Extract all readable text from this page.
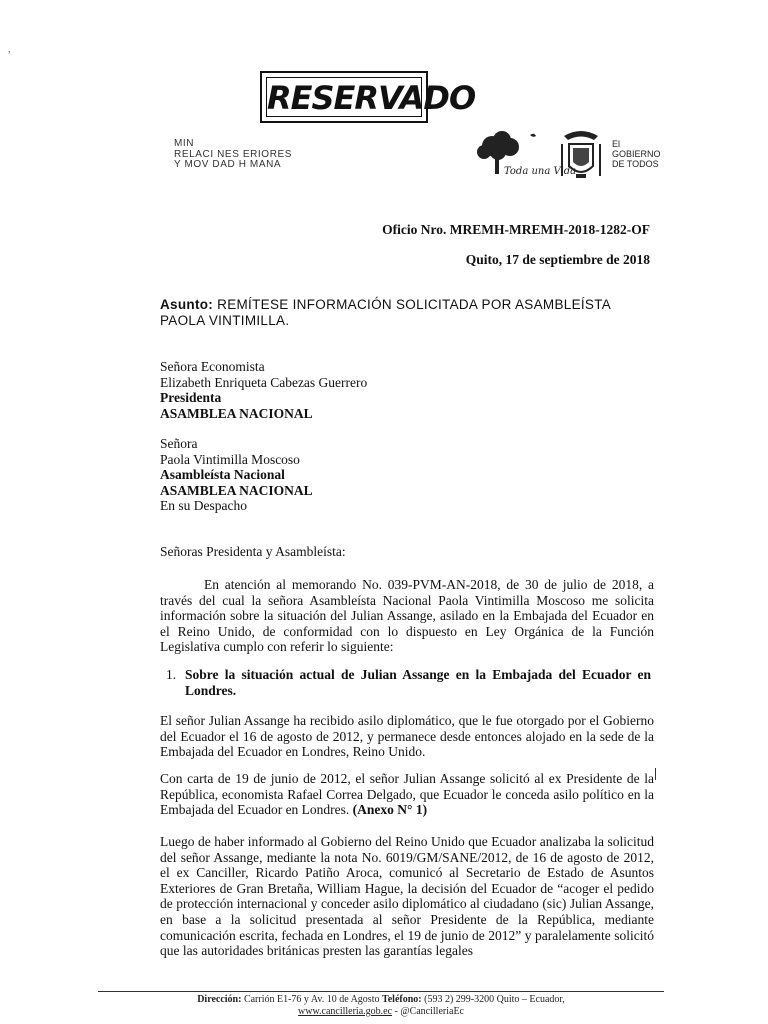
,
RESERVADO
MIN
RELACI NES ERIORES
Y MOV DAD H MANA
Toda una Vida
El
GOBIERNO
DE TODOS
Oficio Nro. MREMH-MREMH-2018-1282-OF
Quito, 17 de septiembre de 2018
Asunto: REMÍTESE INFORMACIÓN SOLICITADA POR ASAMBLEÍSTA PAOLA VINTIMILLA.
Señora Economista
Elizabeth Enriqueta Cabezas Guerrero
Presidenta
ASAMBLEA NACIONAL
Señora
Paola Vintimilla Moscoso
Asambleísta Nacional
ASAMBLEA NACIONAL
En su Despacho
Señoras Presidenta y Asambleísta:
En atención al memorando No. 039-PVM-AN-2018, de 30 de julio de 2018, a través del cual la señora Asambleísta Nacional Paola Vintimilla Moscoso me solicita información sobre la situación del Julian Assange, asilado en la Embajada del Ecuador en el Reino Unido, de conformidad con lo dispuesto en Ley Orgánica de la Función Legislativa cumplo con referir lo siguiente:
1. Sobre la situación actual de Julian Assange en la Embajada del Ecuador en Londres.
El señor Julian Assange ha recibido asilo diplomático, que le fue otorgado por el Gobierno del Ecuador el 16 de agosto de 2012, y permanece desde entonces alojado en la sede de la Embajada del Ecuador en Londres, Reino Unido.
Con carta de 19 de junio de 2012, el señor Julian Assange solicitó al ex Presidente de la República, economista Rafael Correa Delgado, que Ecuador le conceda asilo político en la Embajada del Ecuador en Londres. (Anexo N° 1)
Luego de haber informado al Gobierno del Reino Unido que Ecuador analizaba la solicitud del señor Assange, mediante la nota No. 6019/GM/SANE/2012, de 16 de agosto de 2012, el ex Canciller, Ricardo Patiño Aroca, comunicó al Secretario de Estado de Asuntos Exteriores de Gran Bretaña, William Hague, la decisión del Ecuador de “acoger el pedido de protección internacional y conceder asilo diplomático al ciudadano (sic) Julian Assange, en base a la solicitud presentada al señor Presidente de la República, mediante comunicación escrita, fechada en Londres, el 19 de junio de 2012” y paralelamente solicitó que las autoridades británicas presten las garantías legales
Dirección: Carrión E1-76 y Av. 10 de Agosto Teléfono: (593 2) 299-3200 Quito – Ecuador,
www.cancilleria.gob.ec - @CancilleriaEc
